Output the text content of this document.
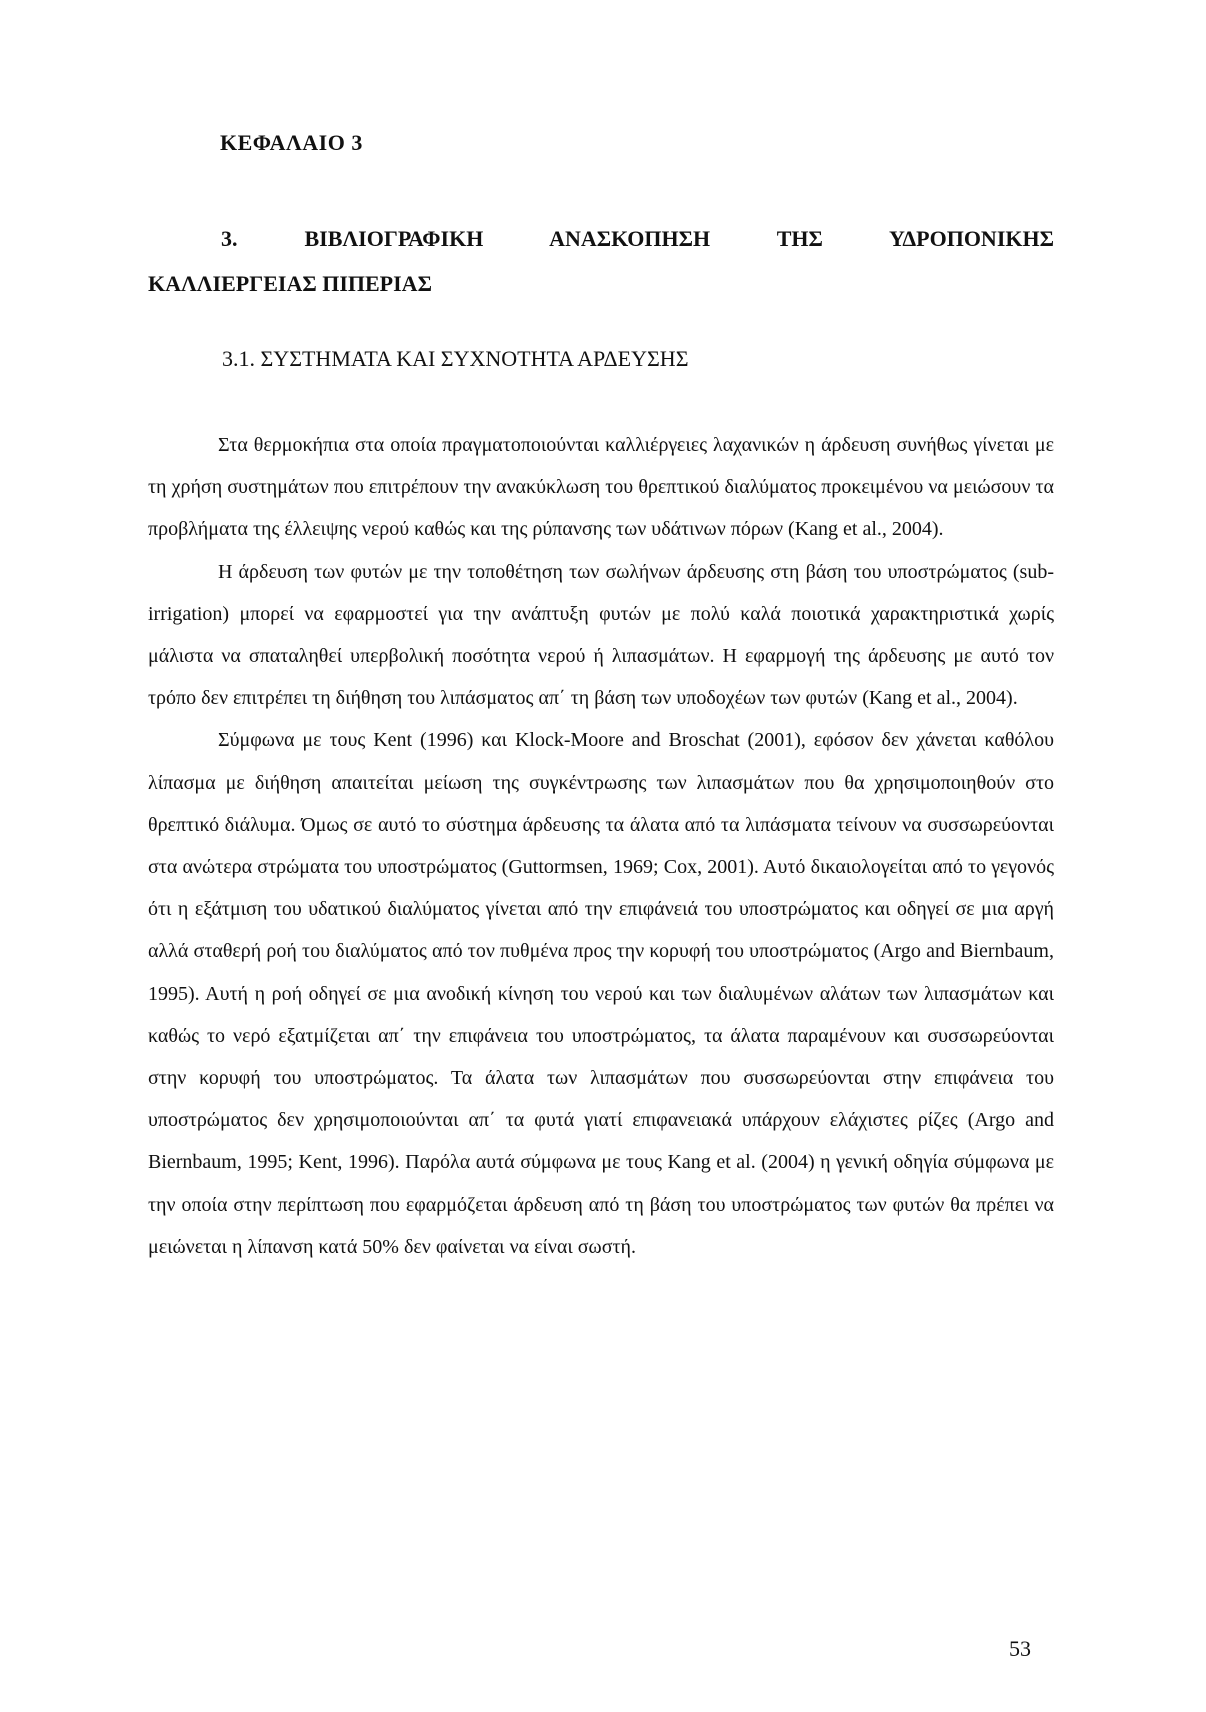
ΚΕΦΑΛΑΙΟ 3
3. ΒΙΒΛΙΟΓΡΑΦΙΚΗ ΑΝΑΣΚΟΠΗΣΗ ΤΗΣ ΥΔΡΟΠΟΝΙΚΗΣ
ΚΑΛΛΙΕΡΓΕΙΑΣ ΠΙΠΕΡΙΑΣ
3.1. ΣΥΣΤΗΜΑΤΑ ΚΑΙ ΣΥΧΝΟΤΗΤΑ ΑΡΔΕΥΣΗΣ

Στα θερμοκήπια στα οποία πραγματοποιούνται καλλιέργειες λαχανικών η άρδευση συνήθως γίνεται με τη χρήση συστημάτων που επιτρέπουν την ανακύκλωση του θρεπτικού διαλύματος προκειμένου να μειώσουν τα προβλήματα της έλλειψης νερού καθώς και της ρύπανσης των υδάτινων πόρων (Kang et al., 2004).

Η άρδευση των φυτών με την τοποθέτηση των σωλήνων άρδευσης στη βάση του υποστρώματος (sub-irrigation) μπορεί να εφαρμοστεί για την ανάπτυξη φυτών με πολύ καλά ποιοτικά χαρακτηριστικά χωρίς μάλιστα να σπαταληθεί υπερβολική ποσότητα νερού ή λιπασμάτων. Η εφαρμογή της άρδευσης με αυτό τον τρόπο δεν επιτρέπει τη διήθηση του λιπάσματος απ΄ τη βάση των υποδοχέων των φυτών (Kang et al., 2004).

Σύμφωνα με τους Kent (1996) και Klock-Moore and Broschat (2001), εφόσον δεν χάνεται καθόλου λίπασμα με διήθηση απαιτείται μείωση της συγκέντρωσης των λιπασμάτων που θα χρησιμοποιηθούν στο θρεπτικό διάλυμα. Όμως σε αυτό το σύστημα άρδευσης τα άλατα από τα λιπάσματα τείνουν να συσσωρεύονται στα ανώτερα στρώματα του υποστρώματος (Guttormsen, 1969; Cox, 2001). Αυτό δικαιολογείται από το γεγονός ότι η εξάτμιση του υδατικού διαλύματος γίνεται από την επιφάνειά του υποστρώματος και οδηγεί σε μια αργή αλλά σταθερή ροή του διαλύματος από τον πυθμένα προς την κορυφή του υποστρώματος (Argo and Biernbaum, 1995). Αυτή η ροή οδηγεί σε μια ανοδική κίνηση του νερού και των διαλυμένων αλάτων των λιπασμάτων και καθώς το νερό εξατμίζεται απ΄ την επιφάνεια του υποστρώματος, τα άλατα παραμένουν και συσσωρεύονται στην κορυφή του υποστρώματος. Τα άλατα των λιπασμάτων που συσσωρεύονται στην επιφάνεια του υποστρώματος δεν χρησιμοποιούνται απ΄ τα φυτά γιατί επιφανειακά υπάρχουν ελάχιστες ρίζες (Argo and Biernbaum, 1995; Kent, 1996). Παρόλα αυτά σύμφωνα με τους Kang et al. (2004) η γενική οδηγία σύμφωνα με την οποία στην περίπτωση που εφαρμόζεται άρδευση από τη βάση του υποστρώματος των φυτών θα πρέπει να μειώνεται η λίπανση κατά 50% δεν φαίνεται να είναι σωστή.

53
